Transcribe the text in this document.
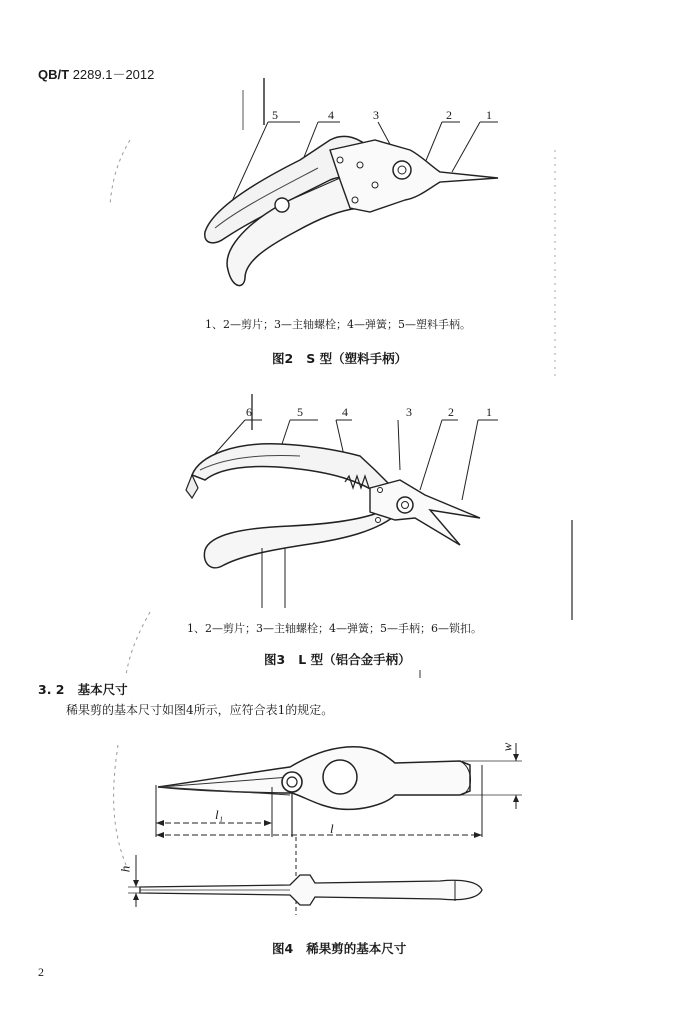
QB/T 2289.1－2012
5	4	3	2	1
1、2—剪片；3—主轴螺栓；4—弹簧；5—塑料手柄。
图2 S 型（塑料手柄）
6	5	4	3	2	1
1、2—剪片；3—主轴螺栓；4—弹簧；5—手柄；6—锁扣。
图3 L 型（铝合金手柄）
3. 2 基本尺寸
稀果剪的基本尺寸如图4所示，应符合表1的规定。
w
l₁
l
h
图4 稀果剪的基本尺寸
2
